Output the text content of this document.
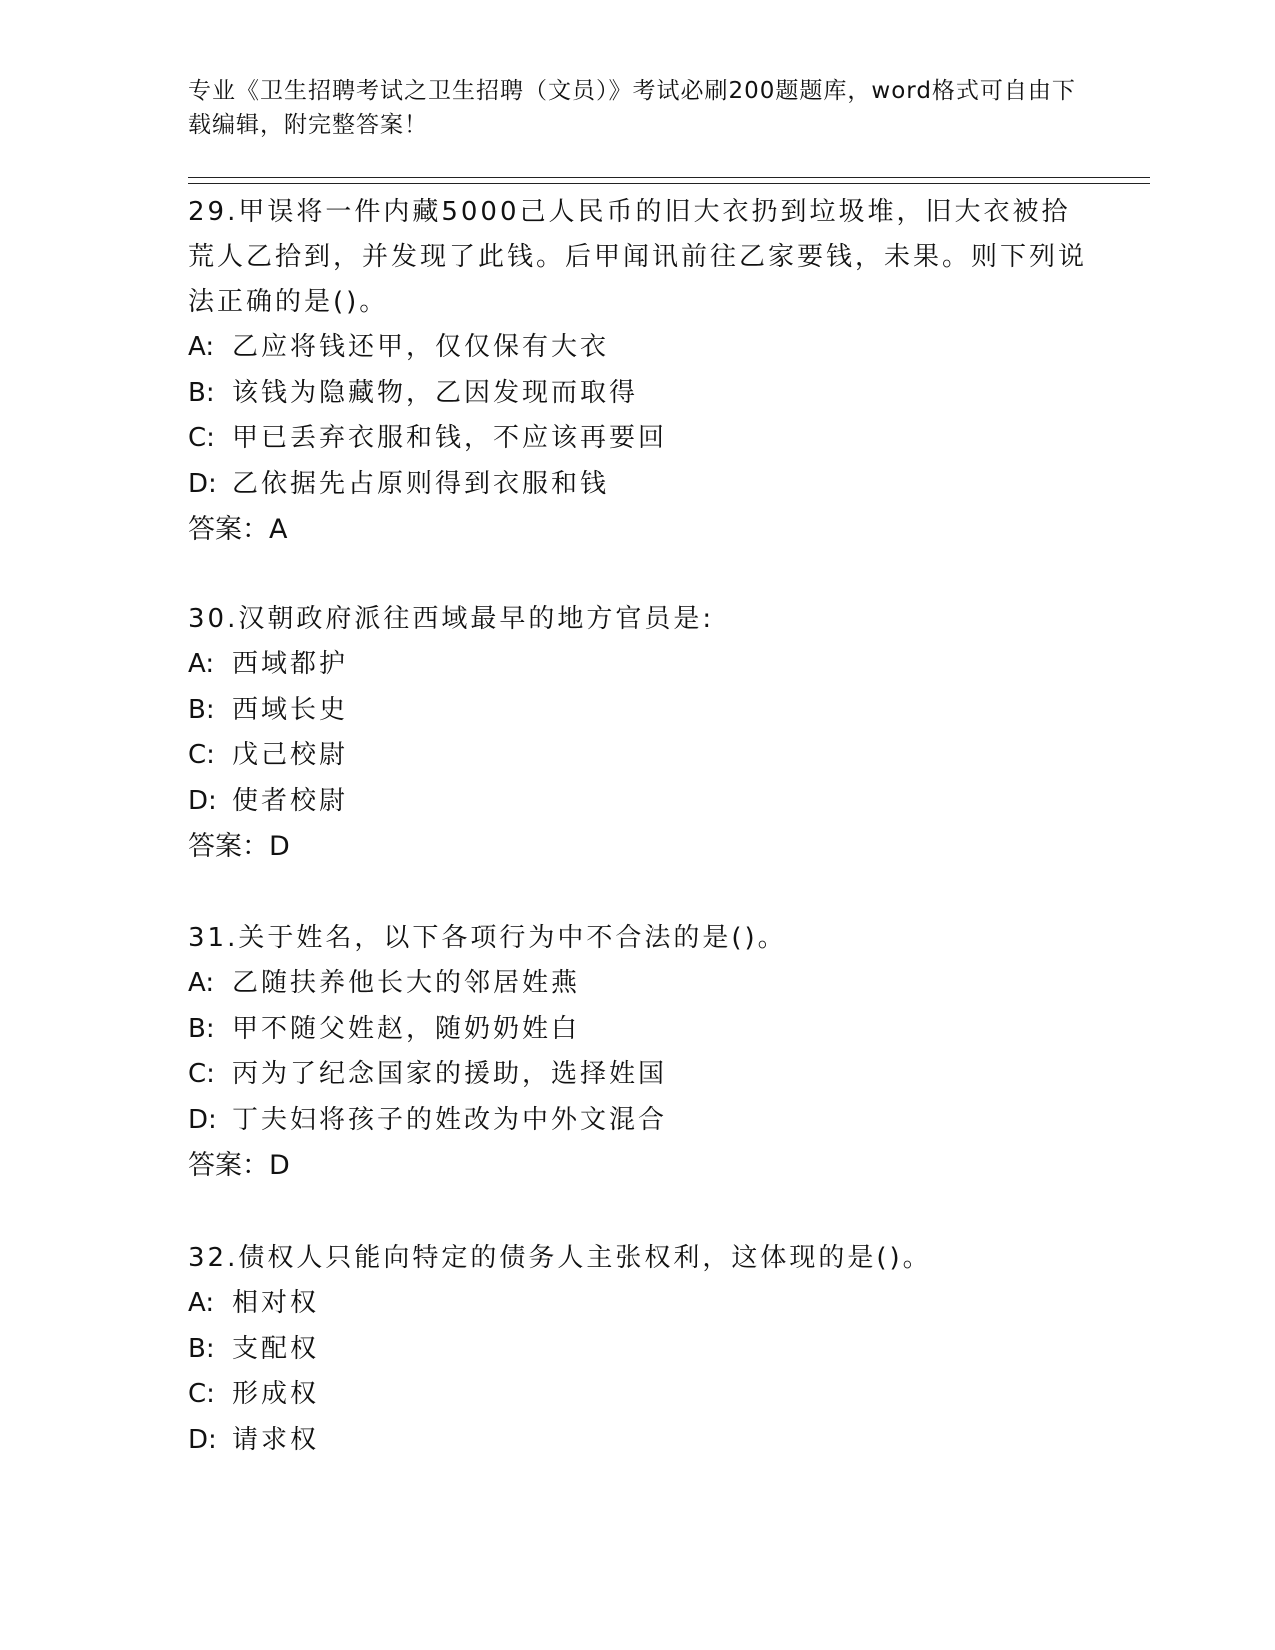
专业《卫生招聘考试之卫生招聘（文员）》考试必刷200题题库，word格式可自由下载编辑，附完整答案！

29.甲误将一件内藏5000己人民币的旧大衣扔到垃圾堆，旧大衣被拾荒人乙拾到，并发现了此钱。后甲闻讯前往乙家要钱，未果。则下列说法正确的是()。

A: 乙应将钱还甲，仅仅保有大衣

B: 该钱为隐藏物，乙因发现而取得

C: 甲已丢弃衣服和钱，不应该再要回

D: 乙依据先占原则得到衣服和钱

答案：A

30.汉朝政府派往西域最早的地方官员是:

A: 西域都护

B: 西域长史

C: 戊己校尉

D: 使者校尉

答案：D

31.关于姓名，以下各项行为中不合法的是()。

A: 乙随扶养他长大的邻居姓燕

B: 甲不随父姓赵，随奶奶姓白

C: 丙为了纪念国家的援助，选择姓国

D: 丁夫妇将孩子的姓改为中外文混合

答案：D

32.债权人只能向特定的债务人主张权利，这体现的是()。

A: 相对权

B: 支配权

C: 形成权

D: 请求权
